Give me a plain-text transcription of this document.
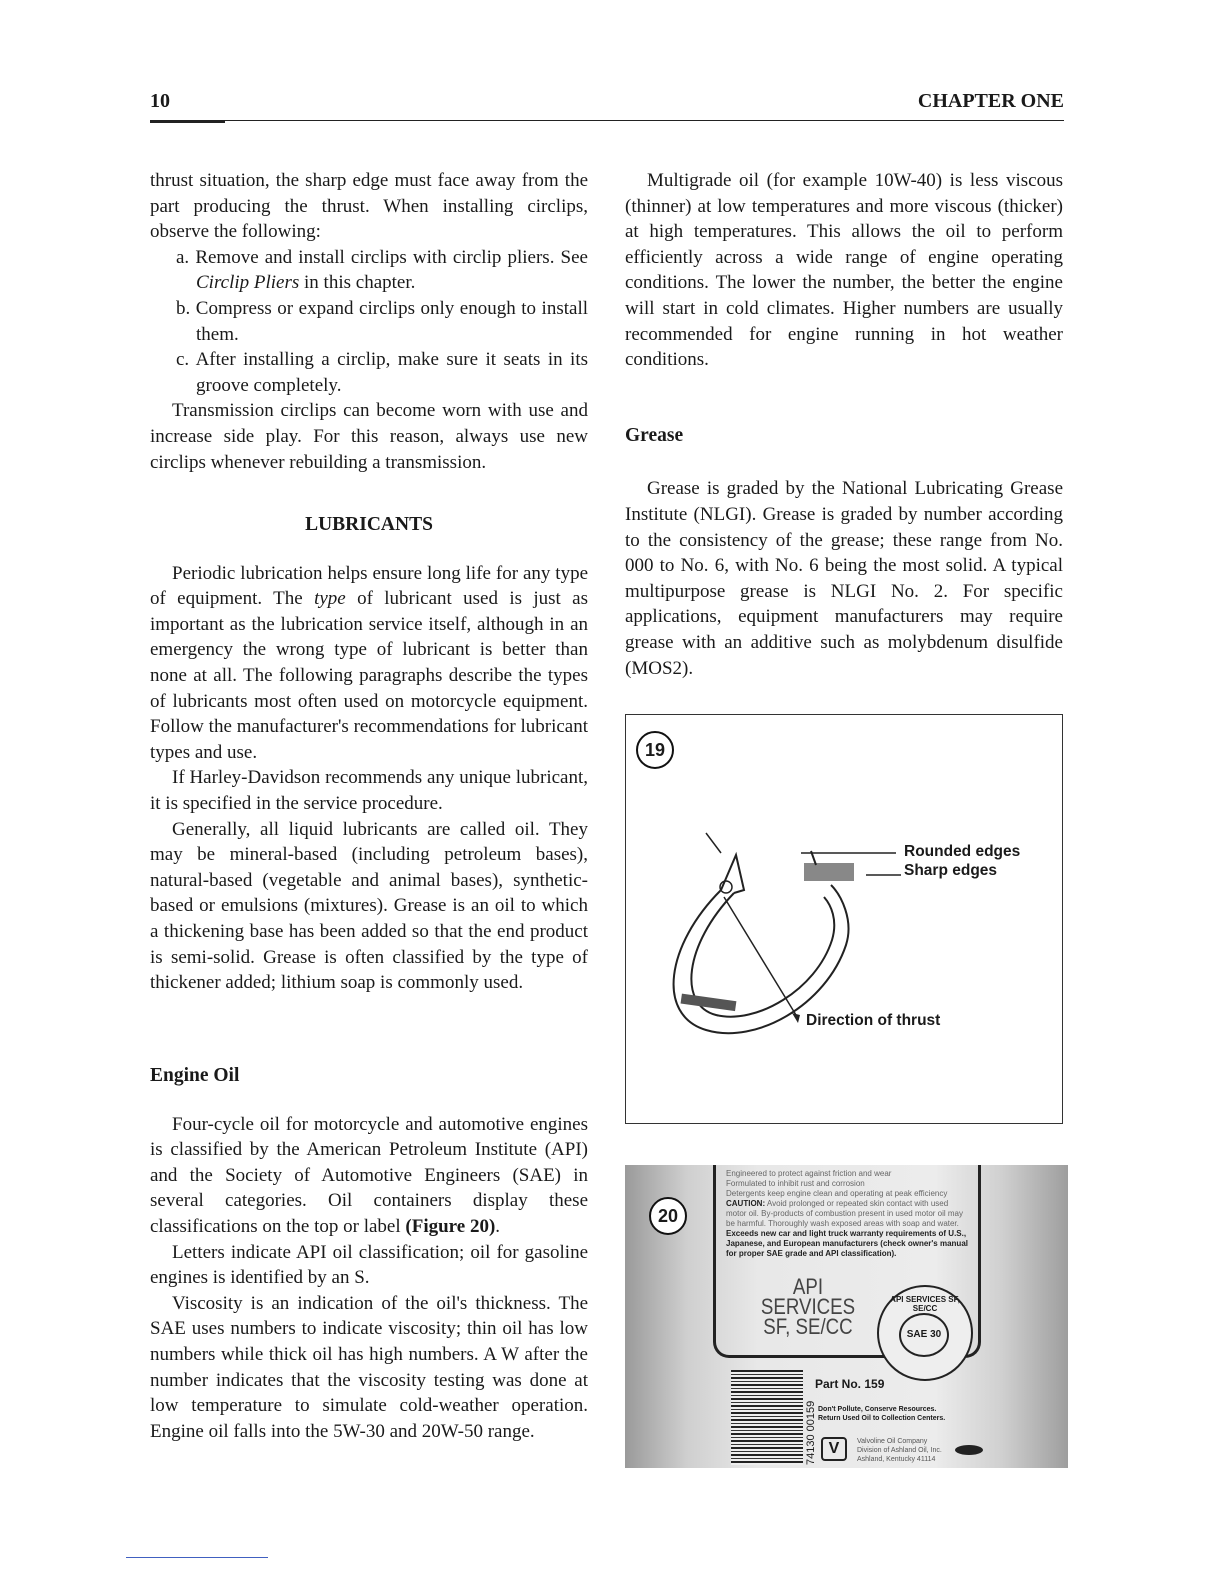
10	CHAPTER ONE

thrust situation, the sharp edge must face away from the part producing the thrust. When installing circlips, observe the following:

a. Remove and install circlips with circlip pliers. See Circlip Pliers in this chapter.

b. Compress or expand circlips only enough to install them.

c. After installing a circlip, make sure it seats in its groove completely.

Transmission circlips can become worn with use and increase side play. For this reason, always use new circlips whenever rebuilding a transmission.

LUBRICANTS

Periodic lubrication helps ensure long life for any type of equipment. The type of lubricant used is just as important as the lubrication service itself, although in an emergency the wrong type of lubricant is better than none at all. The following paragraphs describe the types of lubricants most often used on motorcycle equipment. Follow the manufacturer's recommendations for lubricant types and use.

If Harley-Davidson recommends any unique lubricant, it is specified in the service procedure.

Generally, all liquid lubricants are called oil. They may be mineral-based (including petroleum bases), natural-based (vegetable and animal bases), synthetic-based or emulsions (mixtures). Grease is an oil to which a thickening base has been added so that the end product is semi-solid. Grease is often classified by the type of thickener added; lithium soap is commonly used.

Engine Oil

Four-cycle oil for motorcycle and automotive engines is classified by the American Petroleum Institute (API) and the Society of Automotive Engineers (SAE) in several categories. Oil containers display these classifications on the top or label (Figure 20).

Letters indicate API oil classification; oil for gasoline engines is identified by an S.

Viscosity is an indication of the oil's thickness. The SAE uses numbers to indicate viscosity; thin oil has low numbers while thick oil has high numbers. A W after the number indicates that the viscosity testing was done at low temperature to simulate cold-weather operation. Engine oil falls into the 5W-30 and 20W-50 range.

Multigrade oil (for example 10W-40) is less viscous (thinner) at low temperatures and more viscous (thicker) at high temperatures. This allows the oil to perform efficiently across a wide range of engine operating conditions. The lower the number, the better the engine will start in cold climates. Higher numbers are usually recommended for engine running in hot weather conditions.

Grease

Grease is graded by the National Lubricating Grease Institute (NLGI). Grease is graded by number according to the consistency of the grease; these range from No. 000 to No. 6, with No. 6 being the most solid. A typical multipurpose grease is NLGI No. 2. For specific applications, equipment manufacturers may require grease with an additive such as molybdenum disulfide (MOS2).

19
Rounded edges
Sharp edges
Direction of thrust
20
Engineered to protect against friction and wear
Formulated to inhibit rust and corrosion
Detergents keep engine clean and operating at peak efficiency
CAUTION: Avoid prolonged or repeated skin contact with used motor oil. By-products of combustion present in used motor oil may be harmful. Thoroughly wash exposed areas with soap and water.
Exceeds new car and light truck warranty requirements of U.S., Japanese, and European manufacturers (check owner's manual for proper SAE grade and API classification).
API SERVICES
SF, SE/CC
API SERVICES SF, SE/CC
SAE 30
74130 00159
Part No. 159
Don't Pollute, Conserve Resources.
Return Used Oil to Collection Centers.
V	Valvoline Oil Company
Division of Ashland Oil, Inc.
Ashland, Kentucky 41114
